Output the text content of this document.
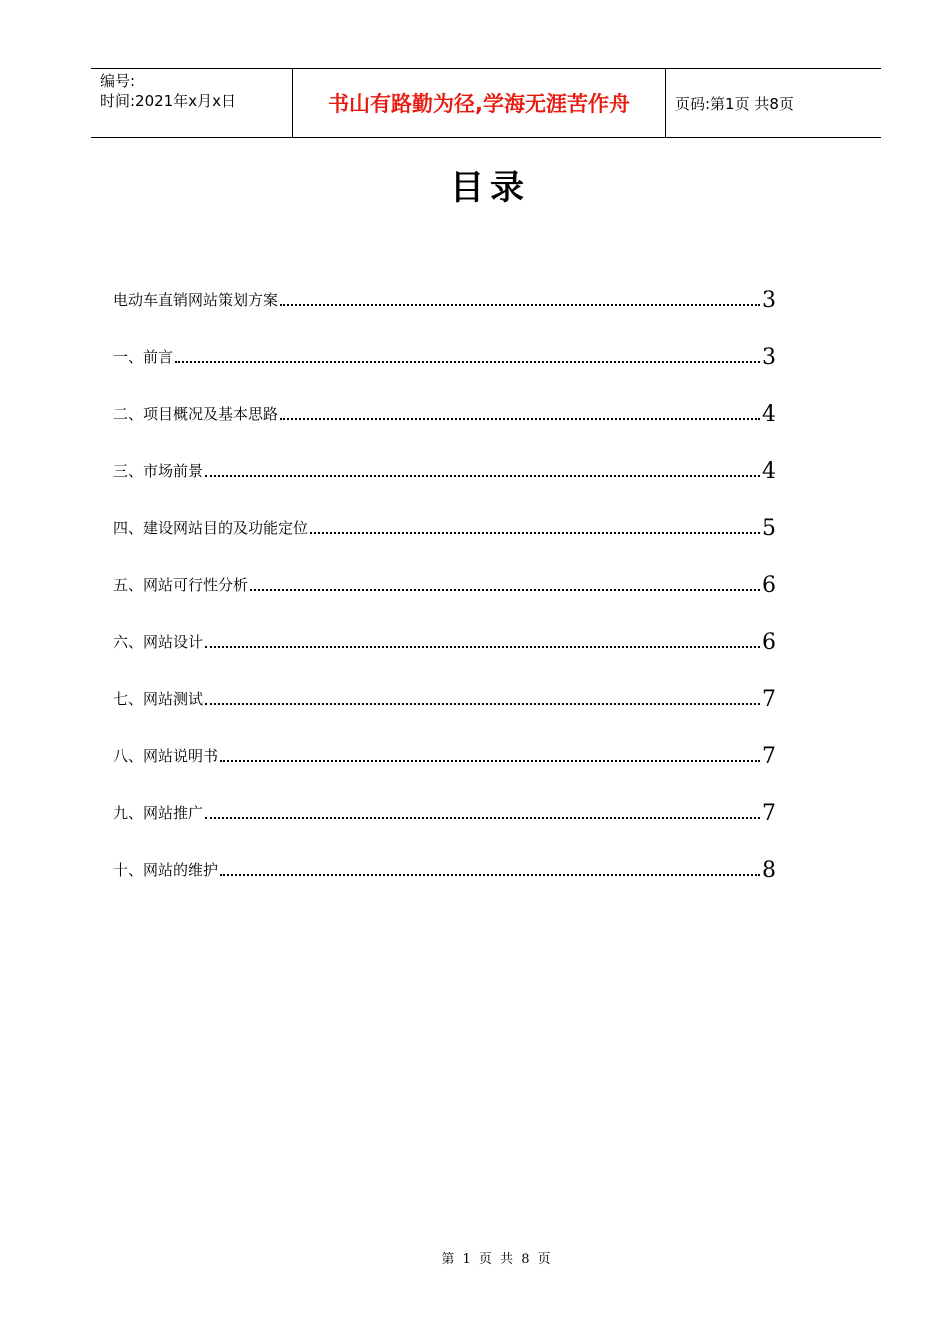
编号:
时间:2021年x月x日	书山有路勤为径,学海无涯苦作舟	页码:第1页 共8页
目录
电动车直销网站策划方案	3
一、前言	3
二、项目概况及基本思路	4
三、市场前景	4
四、建设网站目的及功能定位	5
五、网站可行性分析	6
六、网站设计	6
七、网站测试	7
八、网站说明书	7
九、网站推广	7
十、网站的维护	8
第 1 页 共 8 页
